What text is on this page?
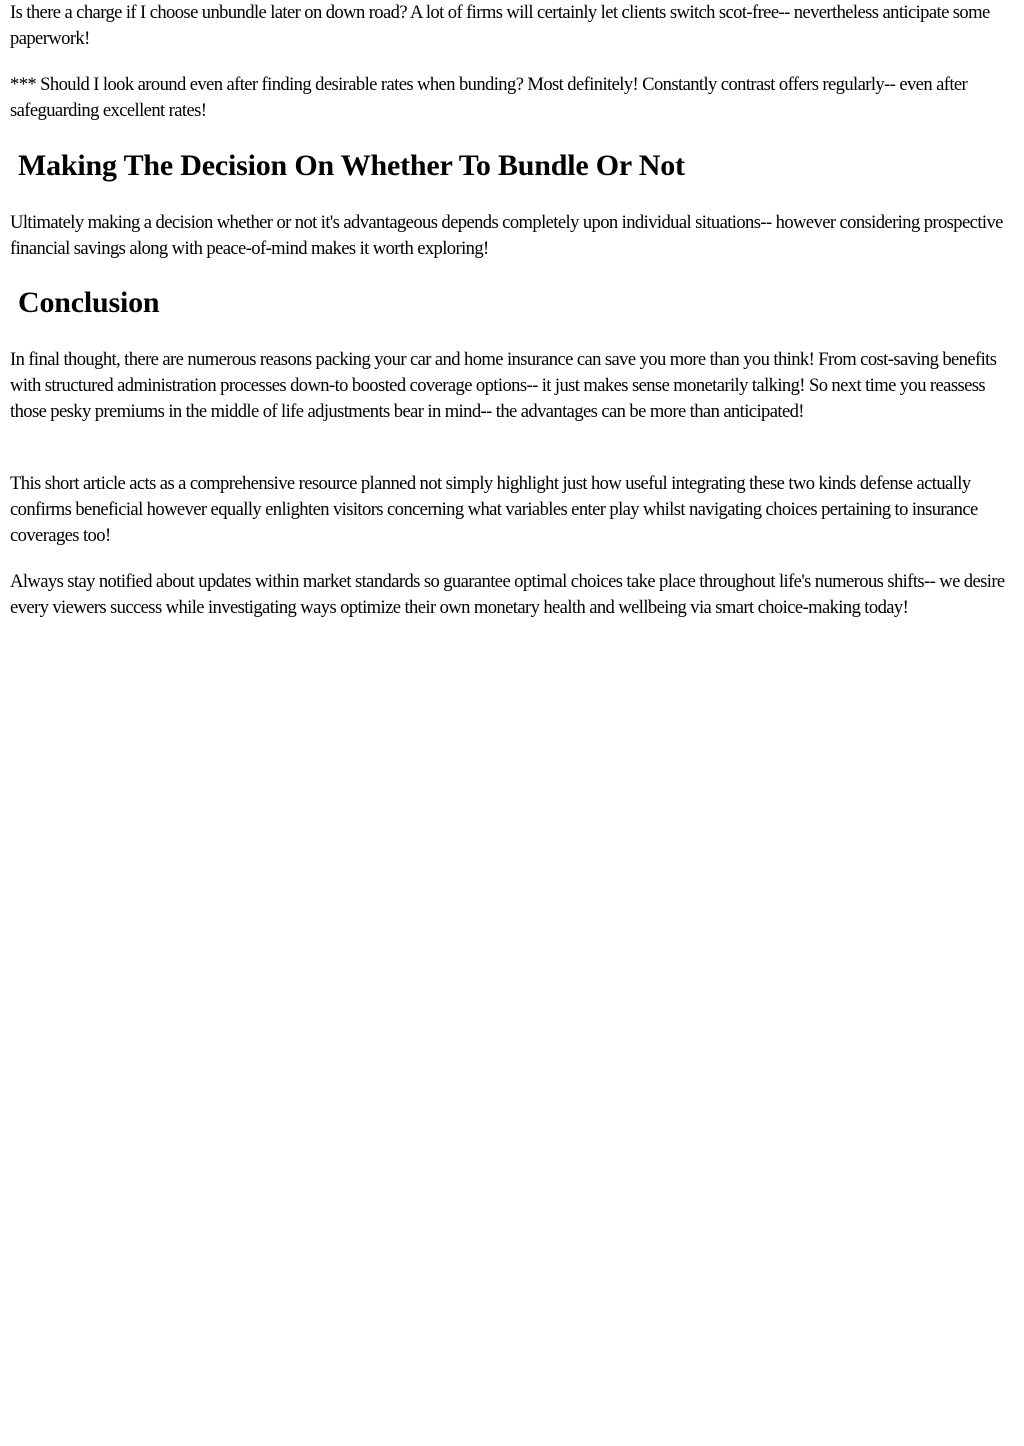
Is there a charge if I choose unbundle later on down road? A lot of firms will certainly let clients switch scot-free-- nevertheless anticipate some paperwork!

*** Should I look around even after finding desirable rates when bunding? Most definitely! Constantly contrast offers regularly-- even after safeguarding excellent rates!

Making The Decision On Whether To Bundle Or Not

Ultimately making a decision whether or not it's advantageous depends completely upon individual situations-- however considering prospective financial savings along with peace-of-mind makes it worth exploring!

Conclusion

In final thought, there are numerous reasons packing your car and home insurance can save you more than you think! From cost-saving benefits with structured administration processes down-to boosted coverage options-- it just makes sense monetarily talking! So next time you reassess those pesky premiums in the middle of life adjustments bear in mind-- the advantages can be more than anticipated!

This short article acts as a comprehensive resource planned not simply highlight just how useful integrating these two kinds defense actually confirms beneficial however equally enlighten visitors concerning what variables enter play whilst navigating choices pertaining to insurance coverages too!

Always stay notified about updates within market standards so guarantee optimal choices take place throughout life's numerous shifts-- we desire every viewers success while investigating ways optimize their own monetary health and wellbeing via smart choice-making today!
